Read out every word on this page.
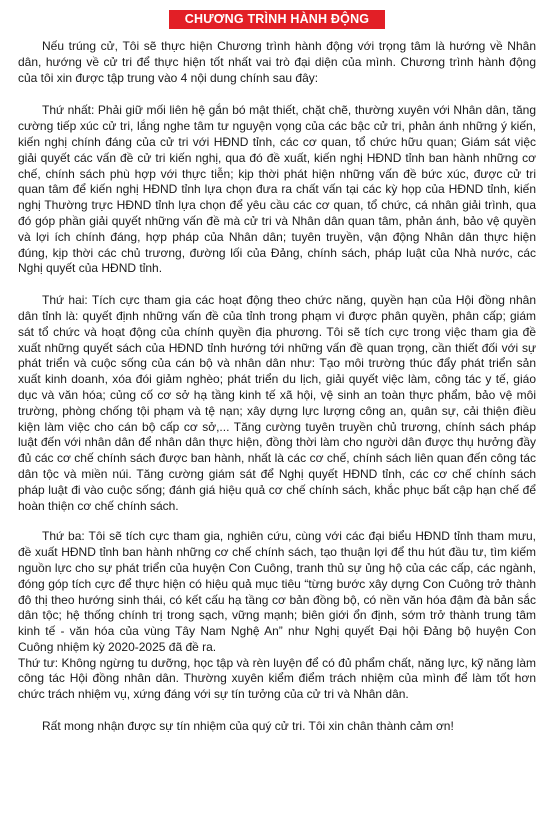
CHƯƠNG TRÌNH HÀNH ĐỘNG

Nếu trúng cử, Tôi sẽ thực hiện Chương trình hành động với trọng tâm là hướng về Nhân dân, hướng về cử tri để thực hiện tốt nhất vai trò đại diện của mình. Chương trình hành động của tôi xin được tập trung vào 4 nội dung chính sau đây:

Thứ nhất: Phải giữ mối liên hệ gắn bó mật thiết, chặt chẽ, thường xuyên với Nhân dân, tăng cường tiếp xúc cử tri, lắng nghe tâm tư nguyện vọng của các bậc cử tri, phản ánh những ý kiến, kiến nghị chính đáng của cử tri với HĐND tỉnh, các cơ quan, tổ chức hữu quan; Giám sát việc giải quyết các vấn đề cử tri kiến nghị, qua đó đề xuất, kiến nghị HĐND tỉnh ban hành những cơ chế, chính sách phù hợp với thực tiễn; kịp thời phát hiện những vấn đề bức xúc, được cử tri quan tâm để kiến nghị HĐND tỉnh lựa chọn đưa ra chất vấn tại các kỳ họp của HĐND tỉnh, kiến nghị Thường trực HĐND tỉnh lựa chọn để yêu cầu các cơ quan, tổ chức, cá nhân giải trình, qua đó góp phần giải quyết những vấn đề mà cử tri và Nhân dân quan tâm, phản ánh, bảo vệ quyền và lợi ích chính đáng, hợp pháp của Nhân dân; tuyên truyền, vận động Nhân dân thực hiện đúng, kịp thời các chủ trương, đường lối của Đảng, chính sách, pháp luật của Nhà nước, các Nghị quyết của HĐND tỉnh.

Thứ hai: Tích cực tham gia các hoạt động theo chức năng, quyền hạn của Hội đồng nhân dân tỉnh là: quyết định những vấn đề của tỉnh trong phạm vi được phân quyền, phân cấp; giám sát tổ chức và hoạt động của chính quyền địa phương. Tôi sẽ tích cực trong việc tham gia đề xuất những quyết sách của HĐND tỉnh hướng tới những vấn đề quan trọng, cần thiết đối với sự phát triển và cuộc sống của cán bộ và nhân dân như: Tạo môi trường thúc đẩy phát triển sản xuất kinh doanh, xóa đói giảm nghèo; phát triển du lịch, giải quyết việc làm, công tác y tế, giáo dục và văn hóa; củng cố cơ sở hạ tầng kinh tế xã hội, vệ sinh an toàn thực phẩm, bảo vệ môi trường, phòng chống tội phạm và tệ nạn; xây dựng lực lượng công an, quân sự, cải thiện điều kiện làm việc cho cán bộ cấp cơ sở,... Tăng cường tuyên truyền chủ trương, chính sách pháp luật đến với nhân dân để nhân dân thực hiện, đồng thời làm cho người dân được thụ hưởng đầy đủ các cơ chế chính sách được ban hành, nhất là các cơ chế, chính sách liên quan đến công tác dân tộc và miền núi. Tăng cường giám sát để Nghị quyết HĐND tỉnh, các cơ chế chính sách pháp luật đi vào cuộc sống; đánh giá hiệu quả cơ chế chính sách, khắc phục bất cập hạn chế để hoàn thiện cơ chế chính sách.

Thứ ba: Tôi sẽ tích cực tham gia, nghiên cứu, cùng với các đại biểu HĐND tỉnh tham mưu, đề xuất HĐND tỉnh ban hành những cơ chế chính sách, tạo thuận lợi để thu hút đầu tư, tìm kiếm nguồn lực cho sự phát triển của huyện Con Cuông, tranh thủ sự ủng hộ của các cấp, các ngành, đóng góp tích cực để thực hiện có hiệu quả mục tiêu “từng bước xây dựng Con Cuông trở thành đô thị theo hướng sinh thái, có kết cấu hạ tầng cơ bản đồng bộ, có nền văn hóa đậm đà bản sắc dân tộc; hệ thống chính trị trong sạch, vững mạnh; biên giới ổn định, sớm trở thành trung tâm kinh tế - văn hóa của vùng Tây Nam Nghệ An” như Nghị quyết Đại hội Đảng bộ huyện Con Cuông nhiệm kỳ 2020-2025 đã đề ra.

Thứ tư: Không ngừng tu dưỡng, học tập và rèn luyện để có đủ phẩm chất, năng lực, kỹ năng làm công tác Hội đồng nhân dân. Thường xuyên kiểm điểm trách nhiệm của mình để làm tốt hơn chức trách nhiệm vụ, xứng đáng với sự tín tưởng của cử tri và Nhân dân.

Rất mong nhận được sự tín nhiệm của quý cử tri. Tôi xin chân thành cảm ơn!
